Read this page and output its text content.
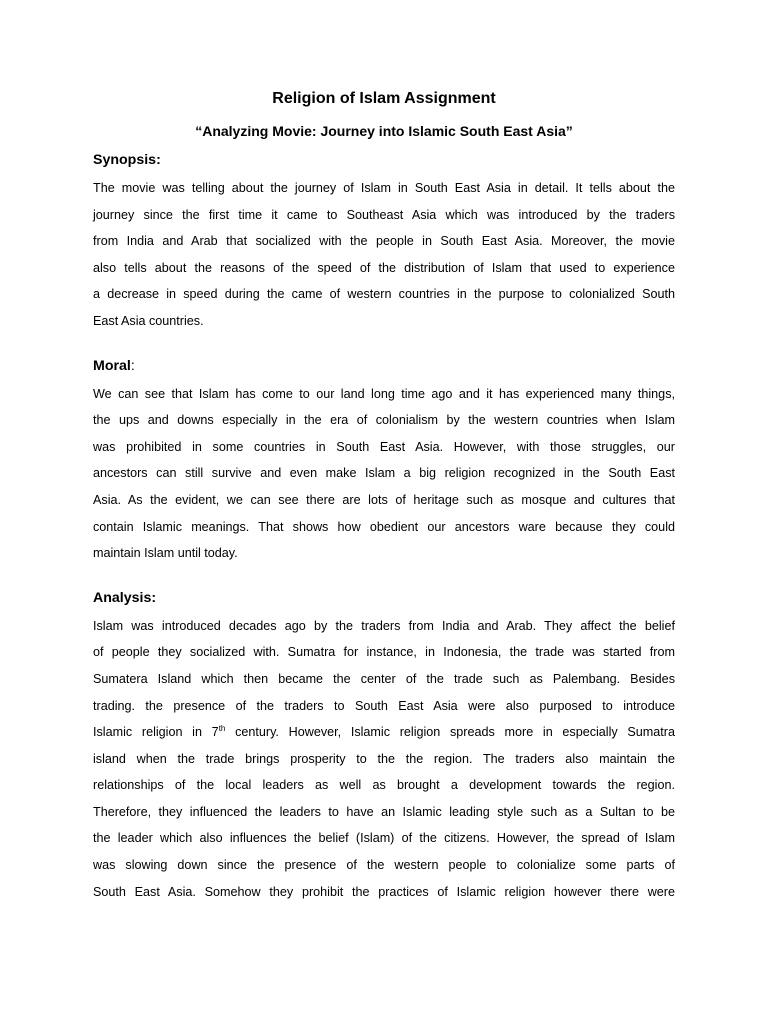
Religion of Islam Assignment
“Analyzing Movie: Journey into Islamic South East Asia”
Synopsis:
The movie was telling about the journey of Islam in South East Asia in detail. It tells about the
journey since the first time it came to Southeast Asia which was introduced by the traders
from India and Arab that socialized with the people in South East Asia. Moreover, the movie
also tells about the reasons of the speed of the distribution of Islam that used to experience
a decrease in speed during the came of western countries in the purpose to colonialized South
East Asia countries.
Moral:
We can see that Islam has come to our land long time ago and it has experienced many things,
the ups and downs especially in the era of colonialism by the western countries when Islam
was prohibited in some countries in South East Asia. However, with those struggles, our
ancestors can still survive and even make Islam a big religion recognized in the South East
Asia. As the evident, we can see there are lots of heritage such as mosque and cultures that
contain Islamic meanings. That shows how obedient our ancestors ware because they could
maintain Islam until today.
Analysis:
Islam was introduced decades ago by the traders from India and Arab. They affect the belief
of people they socialized with. Sumatra for instance, in Indonesia, the trade was started from
Sumatera Island which then became the center of the trade such as Palembang. Besides
trading. the presence of the traders to South East Asia were also purposed to introduce
Islamic religion in 7th century. However, Islamic religion spreads more in especially Sumatra
island when the trade brings prosperity to the the region. The traders also maintain the
relationships of the local leaders as well as brought a development towards the region.
Therefore, they influenced the leaders to have an Islamic leading style such as a Sultan to be
the leader which also influences the belief (Islam) of the citizens. However, the spread of Islam
was slowing down since the presence of the western people to colonialize some parts of
South East Asia. Somehow they prohibit the practices of Islamic religion however there were
